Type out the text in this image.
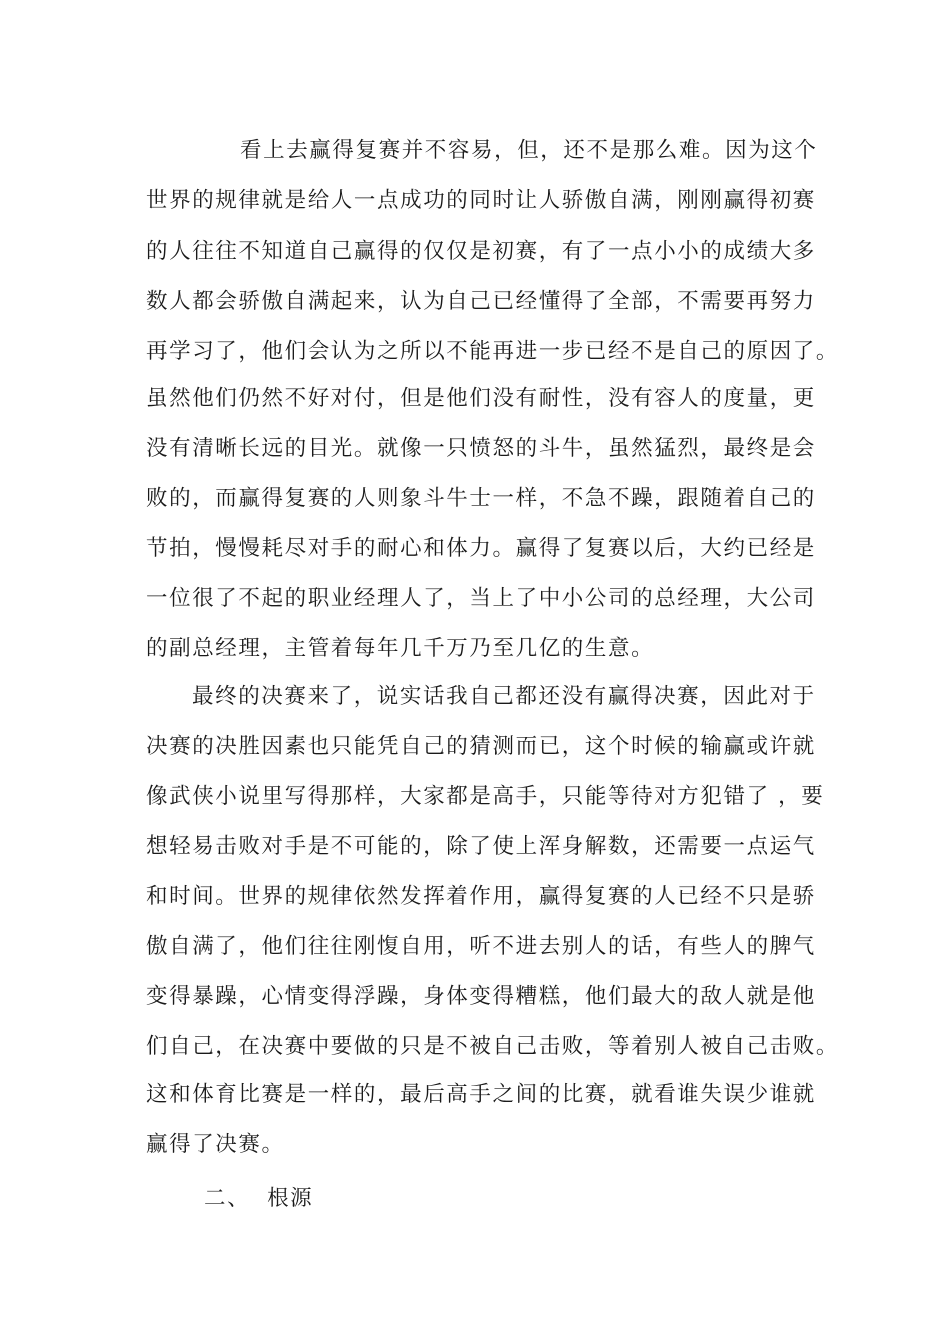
看上去赢得复赛并不容易，但，还不是那么难。因为这个
世界的规律就是给人一点成功的同时让人骄傲自满，刚刚赢得初赛
的人往往不知道自己赢得的仅仅是初赛，有了一点小小的成绩大多
数人都会骄傲自满起来，认为自己已经懂得了全部，不需要再努力
再学习了，他们会认为之所以不能再进一步已经不是自己的原因了。
虽然他们仍然不好对付，但是他们没有耐性，没有容人的度量，更
没有清晰长远的目光。就像一只愤怒的斗牛，虽然猛烈，最终是会
败的，而赢得复赛的人则象斗牛士一样，不急不躁，跟随着自己的
节拍，慢慢耗尽对手的耐心和体力。赢得了复赛以后，大约已经是
一位很了不起的职业经理人了，当上了中小公司的总经理，大公司
的副总经理，主管着每年几千万乃至几亿的生意。
最终的决赛来了，说实话我自己都还没有赢得决赛，因此对于
决赛的决胜因素也只能凭自己的猜测而已，这个时候的输赢或许就
像武侠小说里写得那样，大家都是高手，只能等待对方犯错了 ，要
想轻易击败对手是不可能的，除了使上浑身解数，还需要一点运气
和时间。世界的规律依然发挥着作用，赢得复赛的人已经不只是骄
傲自满了，他们往往刚愎自用，听不进去别人的话，有些人的脾气
变得暴躁，心情变得浮躁，身体变得糟糕，他们最大的敌人就是他
们自己，在决赛中要做的只是不被自己击败，等着别人被自己击败。
这和体育比赛是一样的，最后高手之间的比赛，就看谁失误少谁就
赢得了决赛。
二、  根源
